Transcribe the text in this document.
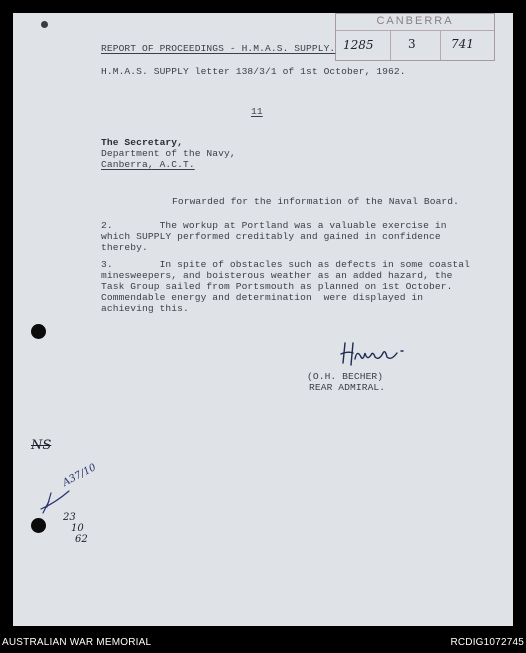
CANBERRA
1285	3	741
REPORT OF PROCEEDINGS - H.M.A.S. SUPPLY.
H.M.A.S. SUPPLY letter 138/3/1 of 1st October, 1962.
11
The Secretary,
Department of the Navy,
Canberra, A.C.T.
Forwarded for the information of the Naval Board.
2.        The workup at Portland was a valuable exercise in
which SUPPLY performed creditably and gained in confidence
thereby.
3.        In spite of obstacles such as defects in some coastal
minesweepers, and boisterous weather as an added hazard, the
Task Group sailed from Portsmouth as planned on 1st October.
Commendable energy and determination  were displayed in
achieving this.
(O.H. BECHER)
REAR ADMIRAL.
NS
A37/10
23
10
62
AUSTRALIAN WAR MEMORIAL	RCDIG1072745
